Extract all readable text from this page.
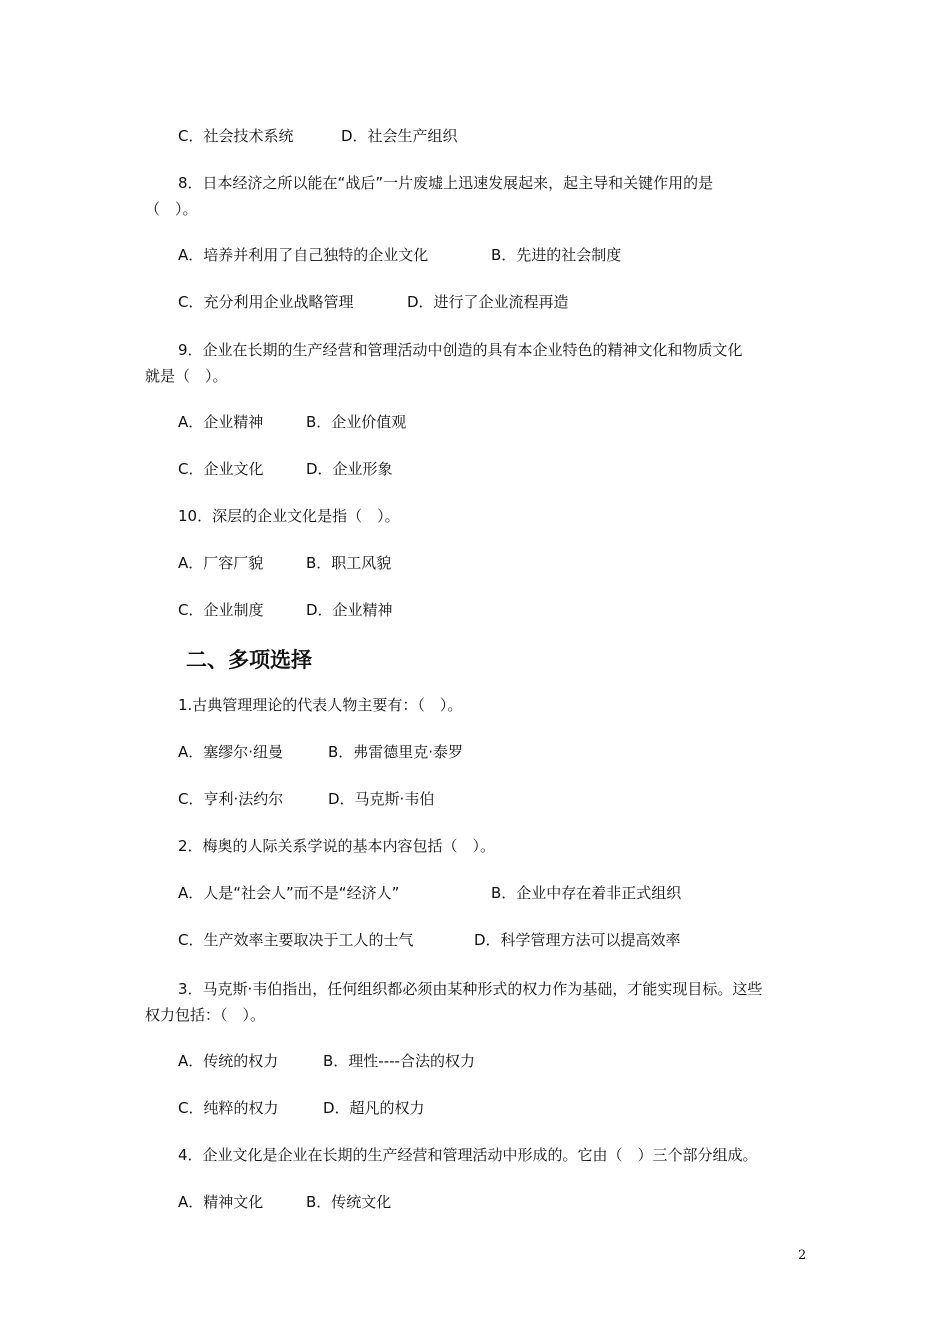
C．社会技术系统	D．社会生产组织
8．日本经济之所以能在“战后”一片废墟上迅速发展起来，起主导和关键作用的是
（　）。
A．培养并利用了自己独特的企业文化	B．先进的社会制度
C．充分利用企业战略管理	D．进行了企业流程再造
9．企业在长期的生产经营和管理活动中创造的具有本企业特色的精神文化和物质文化
就是（　）。
A．企业精神	B．企业价值观
C．企业文化	D．企业形象
10．深层的企业文化是指（　）。
A．厂容厂貌	B．职工风貌
C．企业制度	D．企业精神
二、多项选择
1.古典管理理论的代表人物主要有：（　）。
A．塞缪尔·纽曼	B．弗雷德里克·泰罗
C．亨利·法约尔	D．马克斯·韦伯
2．梅奥的人际关系学说的基本内容包括（　）。
A．人是“社会人”而不是“经济人”	B．企业中存在着非正式组织
C．生产效率主要取决于工人的士气	D．科学管理方法可以提高效率
3．马克斯·韦伯指出，任何组织都必须由某种形式的权力作为基础，才能实现目标。这些
权力包括：（　）。
A．传统的权力	B．理性----合法的权力
C．纯粹的权力	D．超凡的权力
4．企业文化是企业在长期的生产经营和管理活动中形成的。它由（　）三个部分组成。
A．精神文化	B．传统文化
2
